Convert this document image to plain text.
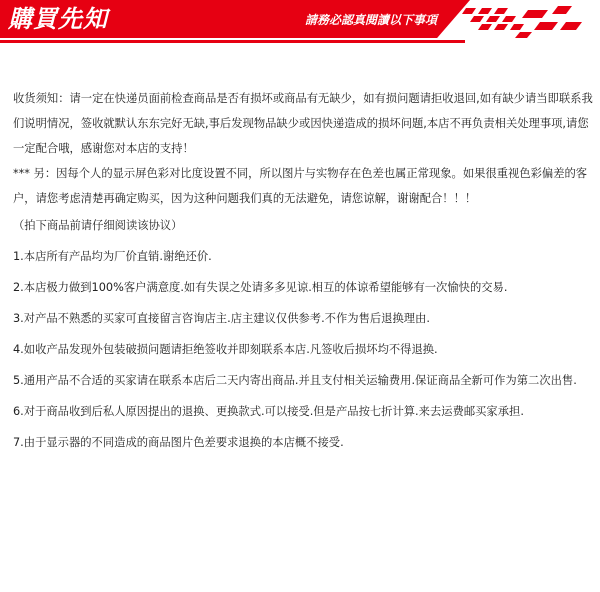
購買先知	請務必認真閱讀以下事項

收货须知：请一定在快递员面前检查商品是否有损坏或商品有无缺少，如有损问题请拒收退回,如有缺少请当即联系我们说明情况，签收就默认东东完好无缺,事后发现物品缺少或因快递造成的损坏问题,本店不再负责相关处理事项,请您一定配合哦，感谢您对本店的支持！

*** 另：因每个人的显示屏色彩对比度设置不同，所以图片与实物存在色差也属正常现象。如果很重视色彩偏差的客户，请您考虑清楚再确定购买，因为这种问题我们真的无法避免，请您谅解，谢谢配合！！！

（拍下商品前请仔细阅读该协议）

1.本店所有产品均为厂价直销.谢绝还价.

2.本店极力做到100%客户满意度.如有失误之处请多多见谅.相互的体谅希望能够有一次愉快的交易.

3.对产品不熟悉的买家可直接留言咨询店主.店主建议仅供参考.不作为售后退换理由.

4.如收产品发现外包装破损问题请拒绝签收并即刻联系本店.凡签收后损坏均不得退换.

5.通用产品不合适的买家请在联系本店后二天内寄出商品.并且支付相关运输费用.保证商品全新可作为第二次出售.

6.对于商品收到后私人原因提出的退换、更换款式.可以接受.但是产品按七折计算.来去运费邮买家承担.

7.由于显示器的不同造成的商品图片色差要求退换的本店概不接受.
